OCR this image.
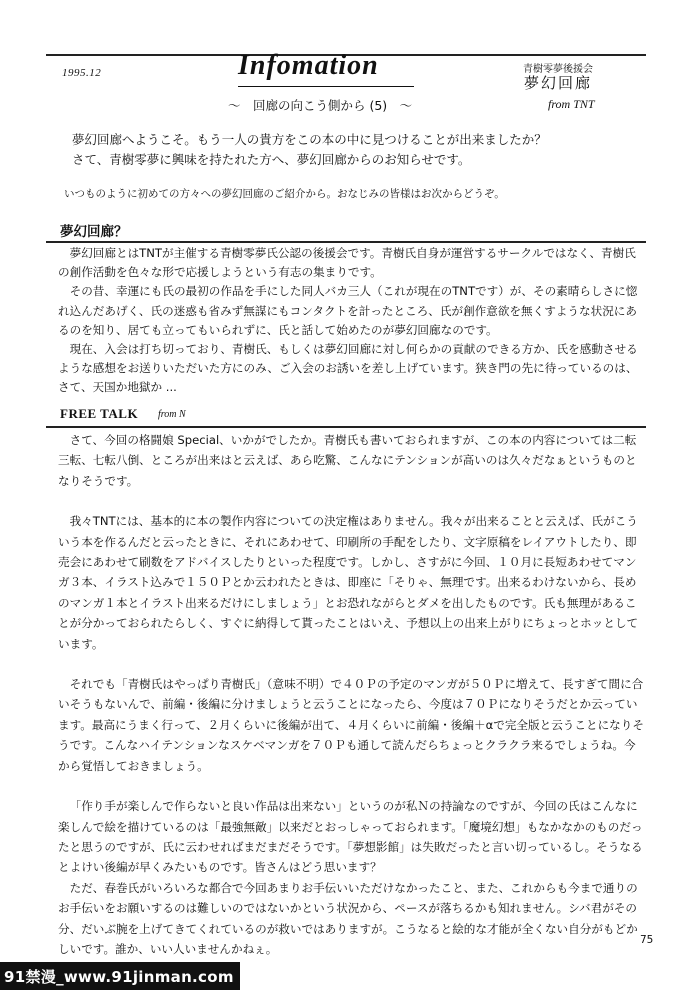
1995.12	Infomation	青樹零夢後援会
夢幻回廊
～　回廊の向こう側から (5)　～	from TNT
夢幻回廊へようこそ。もう一人の貴方をこの本の中に見つけることが出来ましたか？
さて、青樹零夢に興味を持たれた方へ、夢幻回廊からのお知らせです。
いつものように初めての方々への夢幻回廊のご紹介から。おなじみの皆様はお次からどうぞ。
夢幻回廊？
夢幻回廊とはTNTが主催する青樹零夢氏公認の後援会です。青樹氏自身が運営するサークルではなく、青樹氏の創作活動を色々な形で応援しようという有志の集まりです。
その昔、幸運にも氏の最初の作品を手にした同人バカ三人（これが現在のTNTです）が、その素晴らしさに惚れ込んだあげく、氏の迷惑も省みず無謀にもコンタクトを計ったところ、氏が創作意欲を無くすような状況にあるのを知り、居ても立ってもいられずに、氏と話して始めたのが夢幻回廊なのです。
現在、入会は打ち切っており、青樹氏、もしくは夢幻回廊に対し何らかの貢献のできる方か、氏を感動させるような感想をお送りいただいた方にのみ、ご入会のお誘いを差し上げています。狭き門の先に待っているのは、さて、天国か地獄か ...
FREE TALK from N

さて、今回の格闘娘 Special、いかがでしたか。青樹氏も書いておられますが、この本の内容については二転三転、七転八倒、ところが出来はと云えば、あら吃驚、こんなにテンションが高いのは久々だなぁというものとなりそうです。

我々TNTには、基本的に本の製作内容についての決定権はありません。我々が出来ることと云えば、氏がこういう本を作るんだと云ったときに、それにあわせて、印刷所の手配をしたり、文字原稿をレイアウトしたり、即売会にあわせて刷数をアドバイスしたりといった程度です。しかし、さすがに今回、１０月に長短あわせてマンガ３本、イラスト込みで１５０Ｐとか云われたときは、即座に「そりゃ、無理です。出来るわけないから、長めのマンガ１本とイラスト出来るだけにしましょう」とお恐れながらとダメを出したものです。氏も無理があることが分かっておられたらしく、すぐに納得して貰ったことはいえ、予想以上の出来上がりにちょっとホッとしています。

それでも「青樹氏はやっぱり青樹氏」（意味不明）で４０Ｐの予定のマンガが５０Ｐに増えて、長すぎて間に合いそうもないんで、前編・後編に分けましょうと云うことになったら、今度は７０Ｐになりそうだとか云っています。最高にうまく行って、２月くらいに後編が出て、４月くらいに前編・後編＋αで完全版と云うことになりそうです。こんなハイテンションなスケベマンガを７０Ｐも通して読んだらちょっとクラクラ来るでしょうね。今から覚悟しておきましょう。

「作り手が楽しんで作らないと良い作品は出来ない」というのが私Ｎの持論なのですが、今回の氏はこんなに楽しんで絵を描けているのは「最強無敵」以来だとおっしゃっておられます。「魔境幻想」もなかなかのものだったと思うのですが、氏に云わせればまだまだそうです。「夢想影館」は失敗だったと言い切っているし。そうなるとよけい後編が早くみたいものです。皆さんはどう思います？

ただ、春巻氏がいろいろな都合で今回あまりお手伝いいただけなかったこと、また、これからも今まで通りのお手伝いをお願いするのは難しいのではないかという状況から、ペースが落ちるかも知れません。シバ君がその分、だいぶ腕を上げてきてくれているのが救いではありますが。こうなると絵的な才能が全くない自分がもどかしいです。誰か、いい人いませんかねぇ。

75
91禁漫_www.91jinman.com
